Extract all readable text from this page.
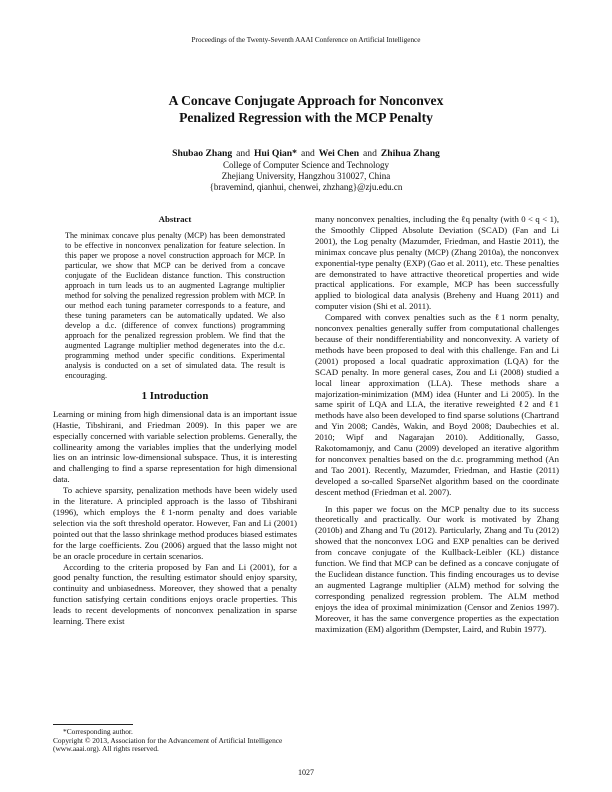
Proceedings of the Twenty-Seventh AAAI Conference on Artificial Intelligence
A Concave Conjugate Approach for Nonconvex
Penalized Regression with the MCP Penalty
Shubao Zhang and Hui Qian* and Wei Chen and Zhihua Zhang
College of Computer Science and Technology
Zhejiang University, Hangzhou 310027, China
{bravemind, qianhui, chenwei, zhzhang}@zju.edu.cn
Abstract

The minimax concave plus penalty (MCP) has been demonstrated to be effective in nonconvex penalization for feature selection. In this paper we propose a novel construction approach for MCP. In particular, we show that MCP can be derived from a concave conjugate of the Euclidean distance function. This construction approach in turn leads us to an augmented Lagrange multiplier method for solving the penalized regression problem with MCP. In our method each tuning parameter corresponds to a feature, and these tuning parameters can be automatically updated. We also develop a d.c. (difference of convex functions) programming approach for the penalized regression problem. We find that the augmented Lagrange multiplier method degenerates into the d.c. programming method under specific conditions. Experimental analysis is conducted on a set of simulated data. The result is encouraging.

1 Introduction

Learning or mining from high dimensional data is an important issue (Hastie, Tibshirani, and Friedman 2009). In this paper we are especially concerned with variable selection problems. Generally, the collinearity among the variables implies that the underlying model lies on an intrinsic low-dimensional subspace. Thus, it is interesting and challenging to find a sparse representation for high dimensional data.

To achieve sparsity, penalization methods have been widely used in the literature. A principled approach is the lasso of Tibshirani (1996), which employs the ℓ1-norm penalty and does variable selection via the soft threshold operator. However, Fan and Li (2001) pointed out that the lasso shrinkage method produces biased estimates for the large coefficients. Zou (2006) argued that the lasso might not be an oracle procedure in certain scenarios.

According to the criteria proposed by Fan and Li (2001), for a good penalty function, the resulting estimator should enjoy sparsity, continuity and unbiasedness. Moreover, they showed that a penalty function satisfying certain conditions enjoys oracle properties. This leads to recent developments of nonconvex penalization in sparse learning. There exist

many nonconvex penalties, including the ℓq penalty (with 0 < q < 1), the Smoothly Clipped Absolute Deviation (SCAD) (Fan and Li 2001), the Log penalty (Mazumder, Friedman, and Hastie 2011), the minimax concave plus penalty (MCP) (Zhang 2010a), the nonconvex exponential-type penalty (EXP) (Gao et al. 2011), etc. These penalties are demonstrated to have attractive theoretical properties and wide practical applications. For example, MCP has been successfully applied to biological data analysis (Breheny and Huang 2011) and computer vision (Shi et al. 2011).

Compared with convex penalties such as the ℓ1 norm penalty, nonconvex penalties generally suffer from computational challenges because of their nondifferentiability and nonconvexity. A variety of methods have been proposed to deal with this challenge. Fan and Li (2001) proposed a local quadratic approximation (LQA) for the SCAD penalty. In more general cases, Zou and Li (2008) studied a local linear approximation (LLA). These methods share a majorization-minimization (MM) idea (Hunter and Li 2005). In the same spirit of LQA and LLA, the iterative reweighted ℓ2 and ℓ1 methods have also been developed to find sparse solutions (Chartrand and Yin 2008; Candès, Wakin, and Boyd 2008; Daubechies et al. 2010; Wipf and Nagarajan 2010). Additionally, Gasso, Rakotomamonjy, and Canu (2009) developed an iterative algorithm for nonconvex penalties based on the d.c. programming method (An and Tao 2001). Recently, Mazumder, Friedman, and Hastie (2011) developed a so-called SparseNet algorithm based on the coordinate descent method (Friedman et al. 2007).

In this paper we focus on the MCP penalty due to its success theoretically and practically. Our work is motivated by Zhang (2010b) and Zhang and Tu (2012). Particularly, Zhang and Tu (2012) showed that the nonconvex LOG and EXP penalties can be derived from concave conjugate of the Kullback-Leibler (KL) distance function. We find that MCP can be defined as a concave conjugate of the Euclidean distance function. This finding encourages us to devise an augmented Lagrange multiplier (ALM) method for solving the corresponding penalized regression problem. The ALM method enjoys the idea of proximal minimization (Censor and Zenios 1997). Moreover, it has the same convergence properties as the expectation maximization (EM) algorithm (Dempster, Laird, and Rubin 1977).

*Corresponding author.
Copyright © 2013, Association for the Advancement of Artificial Intelligence (www.aaai.org). All rights reserved.
1027
